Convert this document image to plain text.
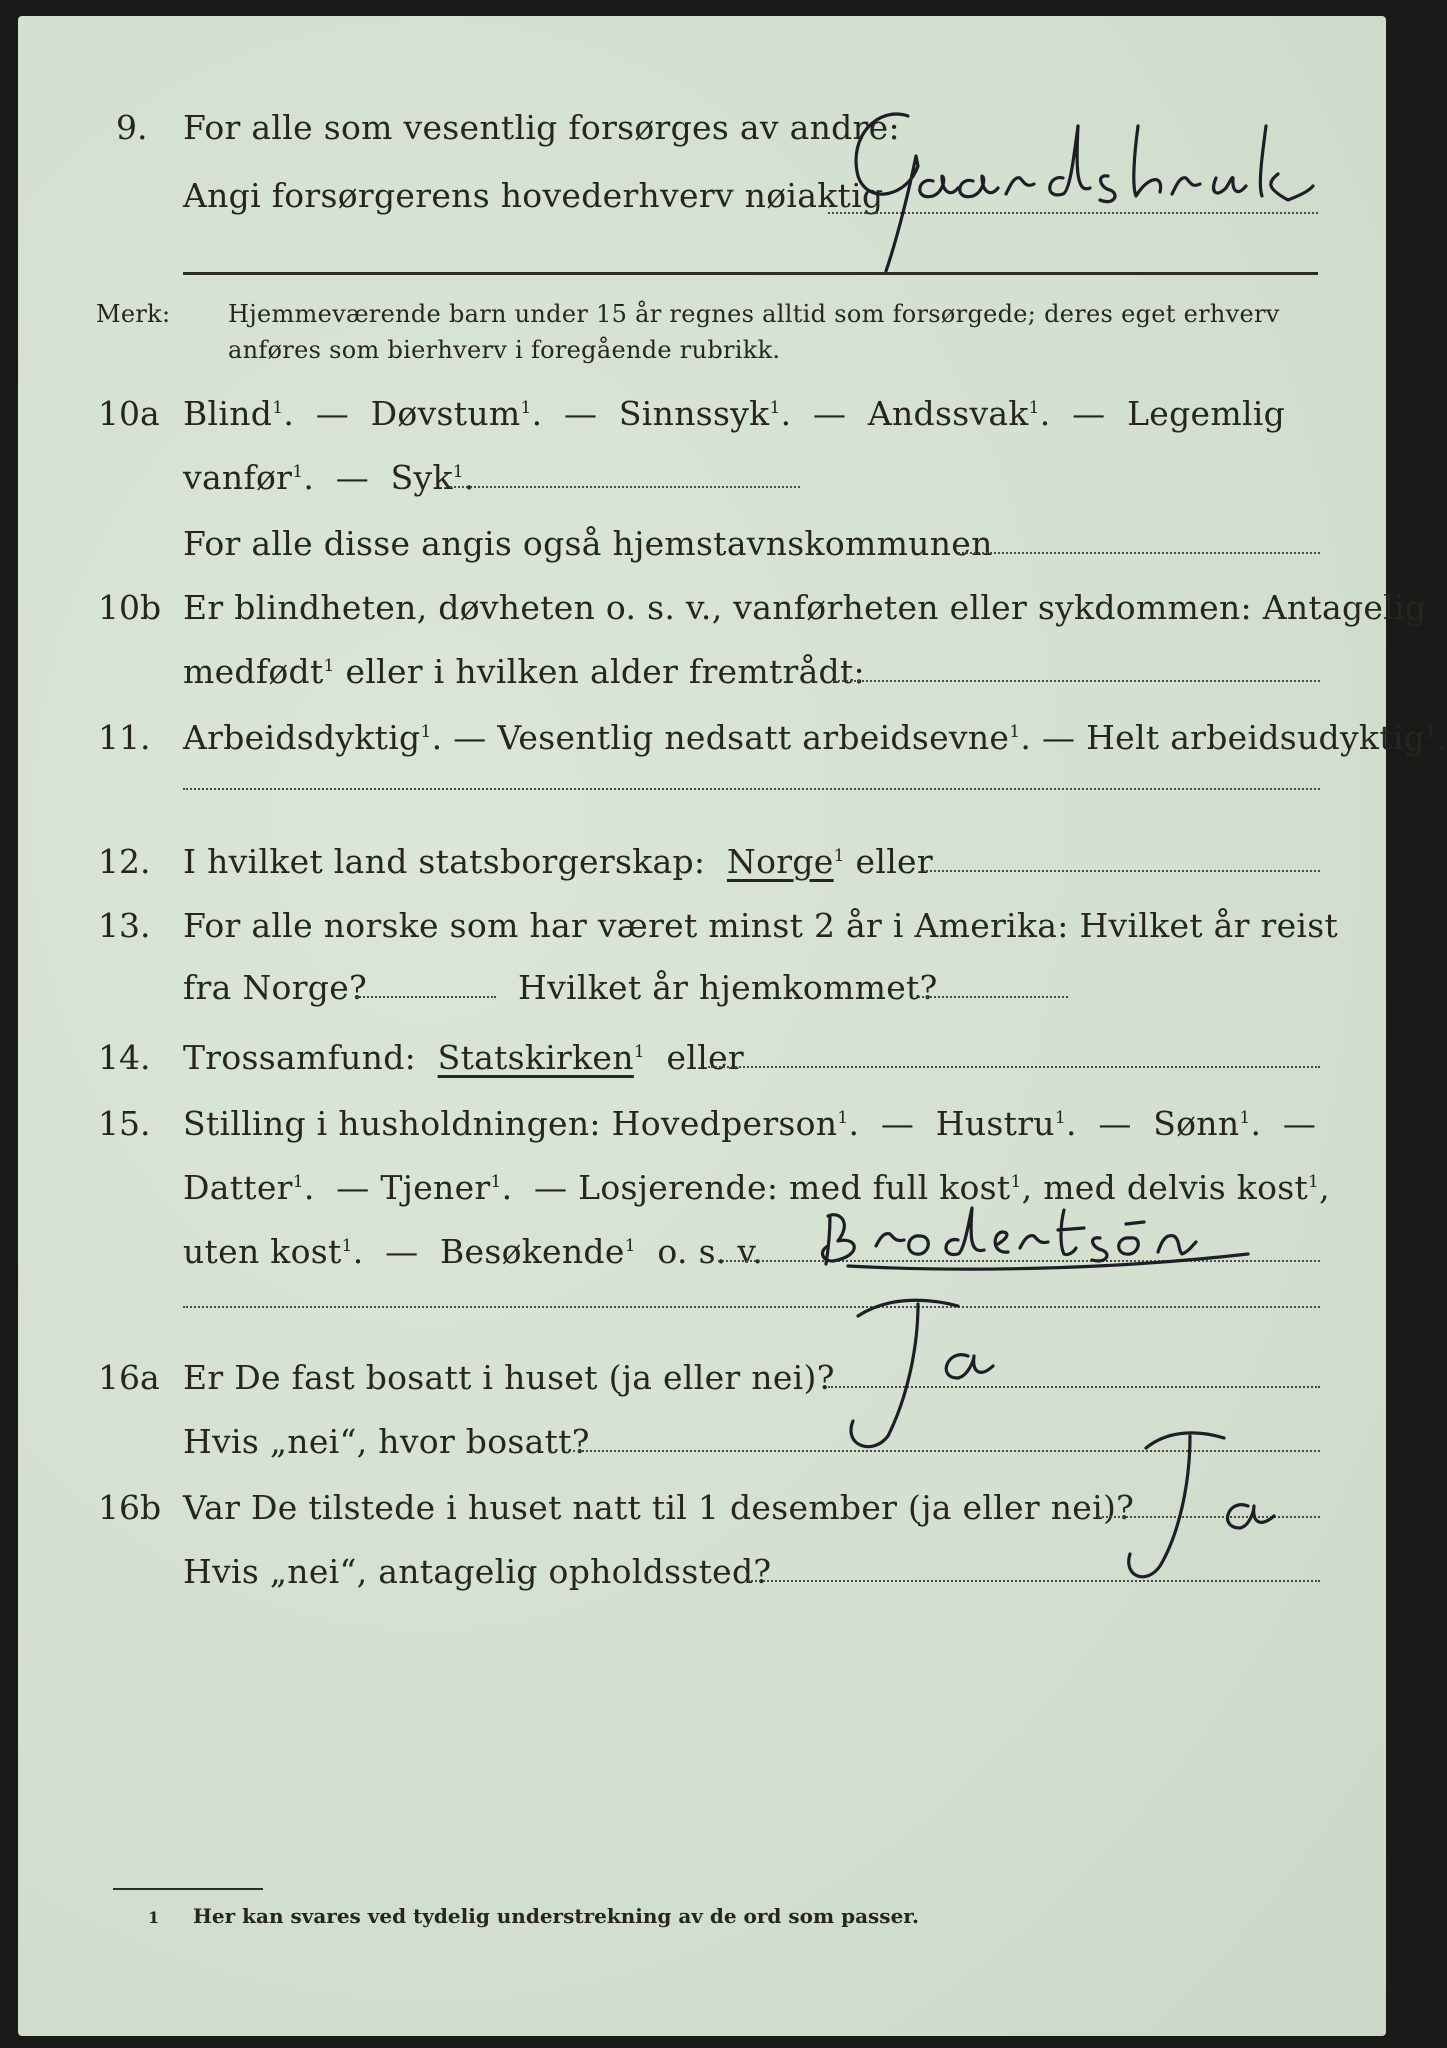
9. For alle som vesentlig forsørges av andre:
Angi forsørgerens hovederhverv nøiaktig
Merk: Hjemmeværende barn under 15 år regnes alltid som forsørgede; deres eget erhverv
anføres som bierhverv i foregående rubrikk.
10a Blind$^1$.  — Døvstum$^1$.  — Sinnssyk$^1$.  — Andssvak$^1$.  — Legemlig
vanfør$^1$.  — Syk$^1$.
For alle disse angis også hjemstavnskommunen
10b Er blindheten, døvheten o. s. v., vanførheten eller sykdommen: Antagelig
medfødt$^1$ eller i hvilken alder fremtrådt:
11. Arbeidsdyktig$^1$. — Vesentlig nedsatt arbeidsevne$^1$. — Helt arbeidsudyktig$^1$.
12. I hvilket land statsborgerskap: Norge$^1$ eller
13. For alle norske som har været minst 2 år i Amerika: Hvilket år reist
fra Norge?	Hvilket år hjemkommet?
14. Trossamfund: Statskirken$^1$ eller
15. Stilling i husholdningen: Hovedperson$^1$.  — Hustru$^1$.  — Sønn$^1$.  —
Datter$^1$.  — Tjener$^1$.  — Losjerende: med full kost$^1$, med delvis kost$^1$,
uten kost$^1$.  — Besøkende$^1$ o. s. v.
16a Er De fast bosatt i huset (ja eller nei)?
Hvis „nei“, hvor bosatt?
16b Var De tilstede i huset natt til 1 desember (ja eller nei)?
Hvis „nei“, antagelig opholdssted?
1 Her kan svares ved tydelig understrekning av de ord som passer.
